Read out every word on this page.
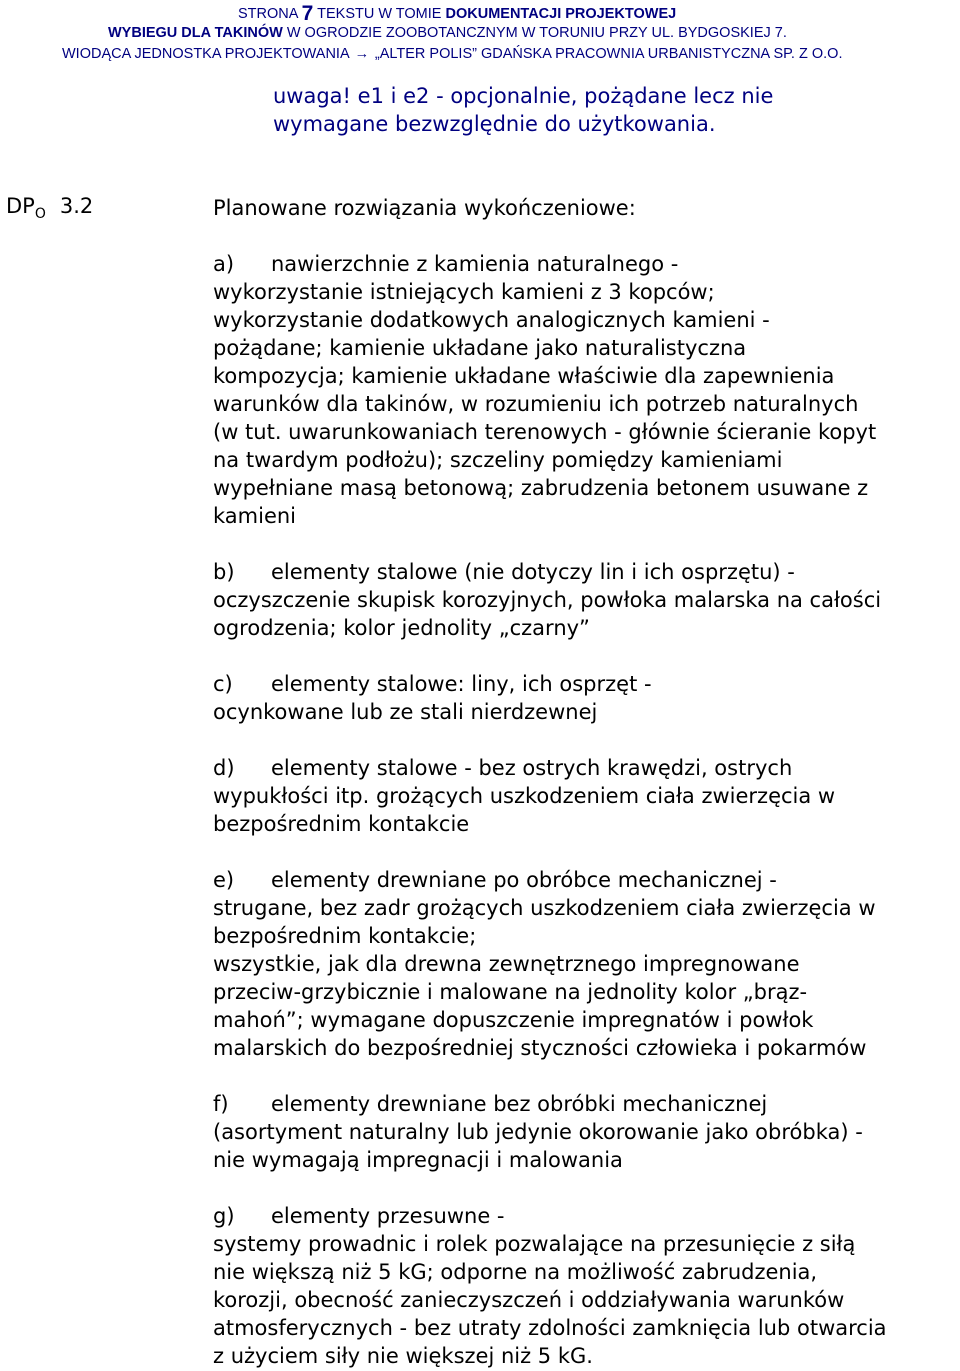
STRONA 7 TEKSTU W TOMIE DOKUMENTACJI PROJEKTOWEJ
WYBIEGU DLA TAKINÓW W OGRODZIE ZOOBOTANCZNYM W TORUNIU PRZY UL. BYDGOSKIEJ 7.
WIODĄCA JEDNOSTKA PROJEKTOWANIA → „ALTER POLIS” GDAŃSKA PRACOWNIA URBANISTYCZNA SP. Z O.O.
uwaga! e1 i e2 - opcjonalnie, pożądane lecz nie
wymagane bezwzględnie do użytkowania.
$DP_O$ 3.2	Planowane rozwiązania wykończeniowe:
a) nawierzchnie z kamienia naturalnego -
wykorzystanie istniejących kamieni z 3 kopców;
wykorzystanie dodatkowych analogicznych kamieni -
pożądane; kamienie układane jako naturalistyczna
kompozycja; kamienie układane właściwie dla zapewnienia
warunków dla takinów, w rozumieniu ich potrzeb naturalnych
(w tut. uwarunkowaniach terenowych - głównie ścieranie kopyt
na twardym podłożu); szczeliny pomiędzy kamieniami
wypełniane masą betonową; zabrudzenia betonem usuwane z
kamieni
b) elementy stalowe (nie dotyczy lin i ich osprzętu) -
oczyszczenie skupisk korozyjnych, powłoka malarska na całości
ogrodzenia; kolor jednolity „czarny”
c) elementy stalowe: liny, ich osprzęt -
ocynkowane lub ze stali nierdzewnej
d) elementy stalowe - bez ostrych krawędzi, ostrych
wypukłości itp. grożących uszkodzeniem ciała zwierzęcia w
bezpośrednim kontakcie
e) elementy drewniane po obróbce mechanicznej -
strugane, bez zadr grożących uszkodzeniem ciała zwierzęcia w
bezpośrednim kontakcie;
wszystkie, jak dla drewna zewnętrznego impregnowane
przeciw-grzybicznie i malowane na jednolity kolor „brąz-
mahoń”; wymagane dopuszczenie impregnatów i powłok
malarskich do bezpośredniej styczności człowieka i pokarmów
f) elementy drewniane bez obróbki mechanicznej
(asortyment naturalny lub jedynie okorowanie jako obróbka) -
nie wymagają impregnacji i malowania
g) elementy przesuwne -
systemy prowadnic i rolek pozwalające na przesunięcie z siłą
nie większą niż 5 kG; odporne na możliwość zabrudzenia,
korozji, obecność zanieczyszczeń i oddziaływania warunków
atmosferycznych - bez utraty zdolności zamknięcia lub otwarcia
z użyciem siły nie większej niż 5 kG.
